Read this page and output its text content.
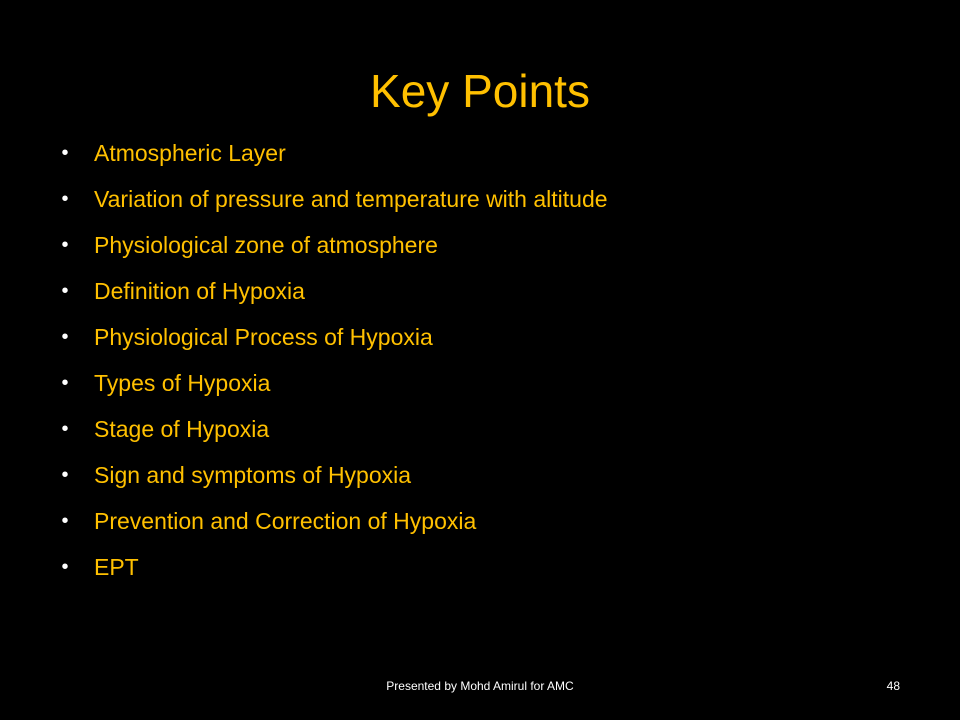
Key Points
• Atmospheric Layer
• Variation of pressure and temperature with altitude
• Physiological zone of atmosphere
• Definition of Hypoxia
• Physiological Process of Hypoxia
• Types of Hypoxia
• Stage of Hypoxia
• Sign and symptoms of Hypoxia
• Prevention and Correction of Hypoxia
• EPT
Presented by Mohd Amirul for AMC	48
